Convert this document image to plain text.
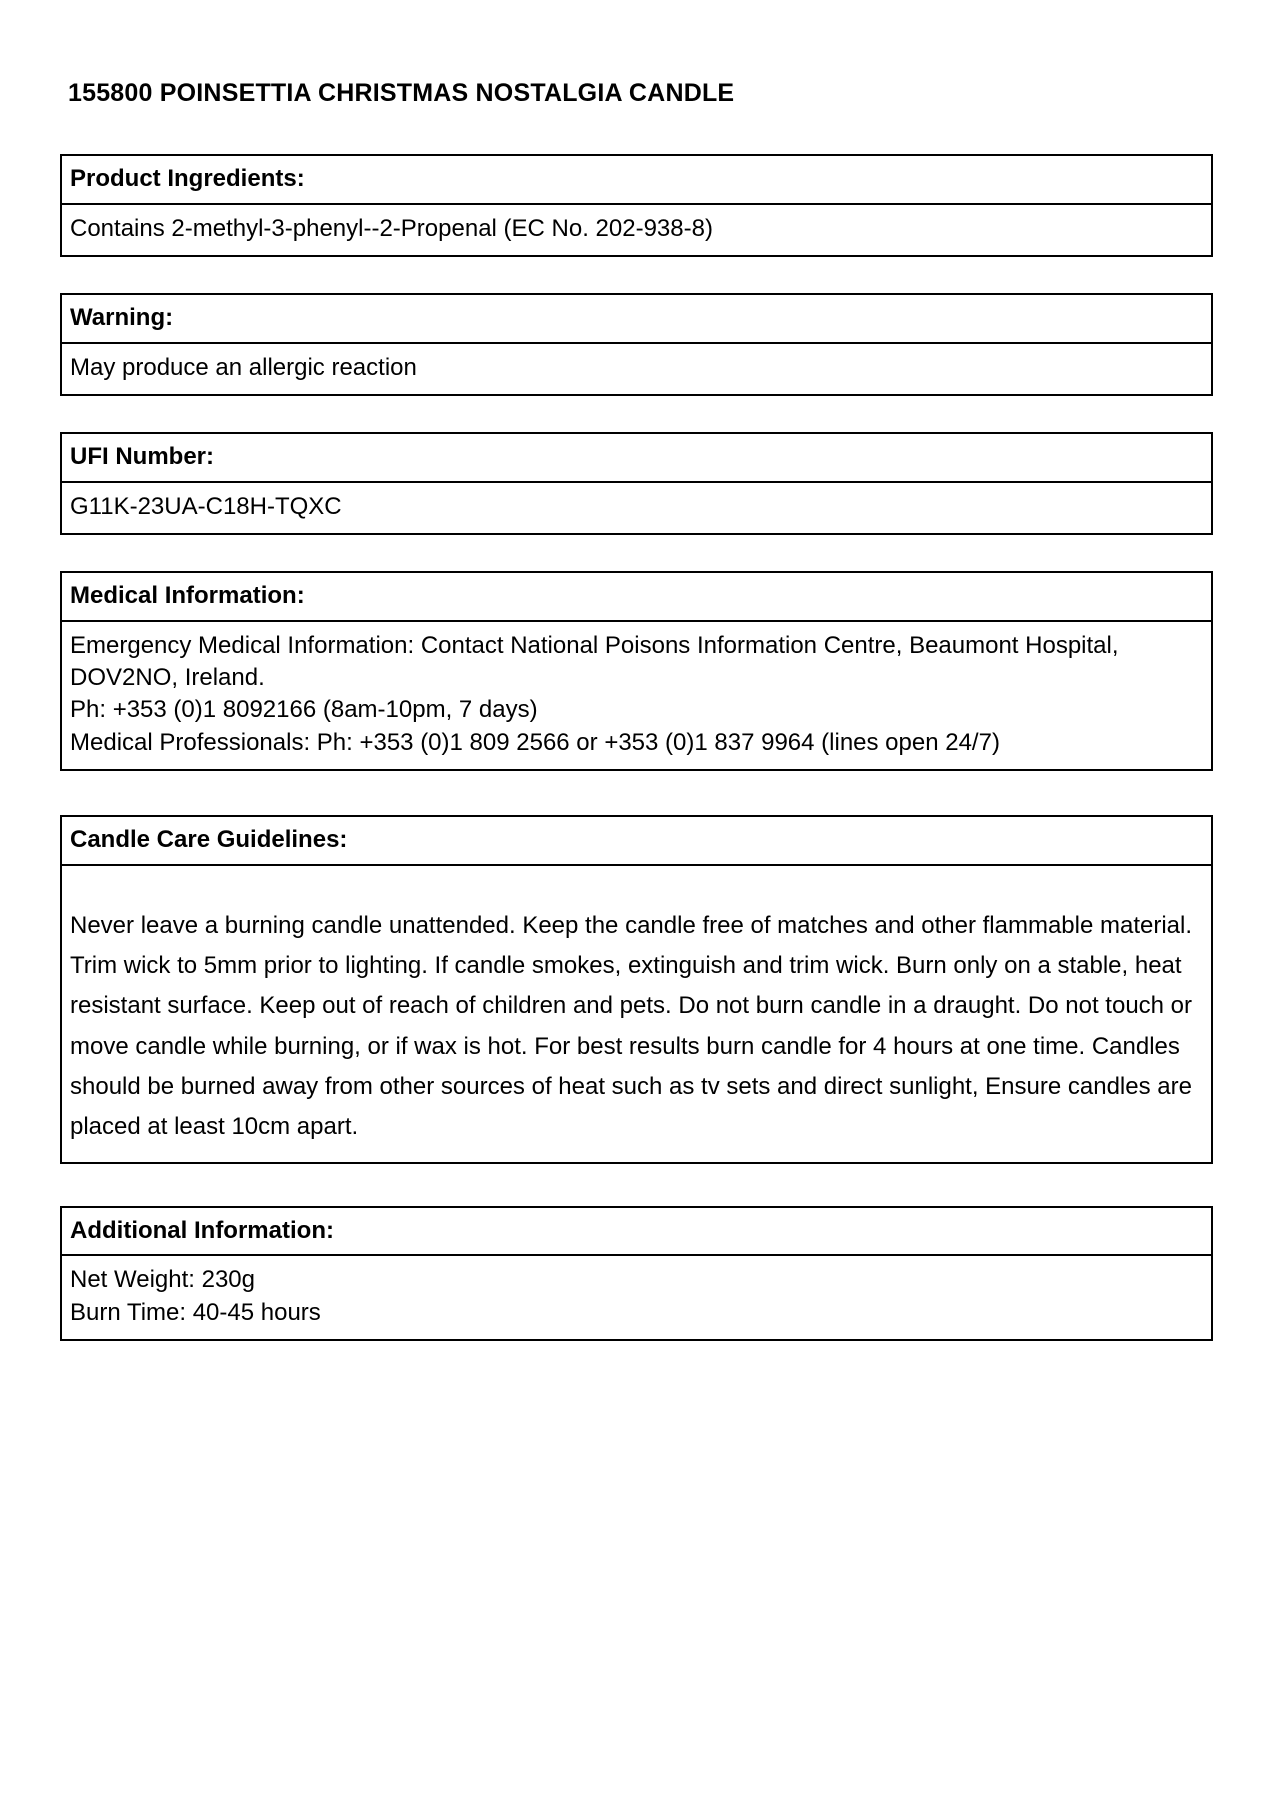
155800 POINSETTIA CHRISTMAS NOSTALGIA CANDLE
Product Ingredients:
Contains 2-methyl-3-phenyl--2-Propenal (EC No. 202-938-8)
Warning:
May produce an allergic reaction
UFI Number:
G11K-23UA-C18H-TQXC
Medical Information:
Emergency Medical Information: Contact National Poisons Information Centre, Beaumont Hospital, DOV2NO, Ireland.
Ph: +353 (0)1 8092166 (8am-10pm, 7 days)
Medical Professionals: Ph: +353 (0)1 809 2566 or +353 (0)1 837 9964 (lines open 24/7)
Candle Care Guidelines:
Never leave a burning candle unattended. Keep the candle free of matches and other flammable material. Trim wick to 5mm prior to lighting. If candle smokes, extinguish and trim wick. Burn only on a stable, heat resistant surface. Keep out of reach of children and pets. Do not burn candle in a draught. Do not touch or move candle while burning, or if wax is hot. For best results burn candle for 4 hours at one time. Candles should be burned away from other sources of heat such as tv sets and direct sunlight, Ensure candles are placed at least 10cm apart.
Additional Information:
Net Weight: 230g
Burn Time: 40-45 hours
